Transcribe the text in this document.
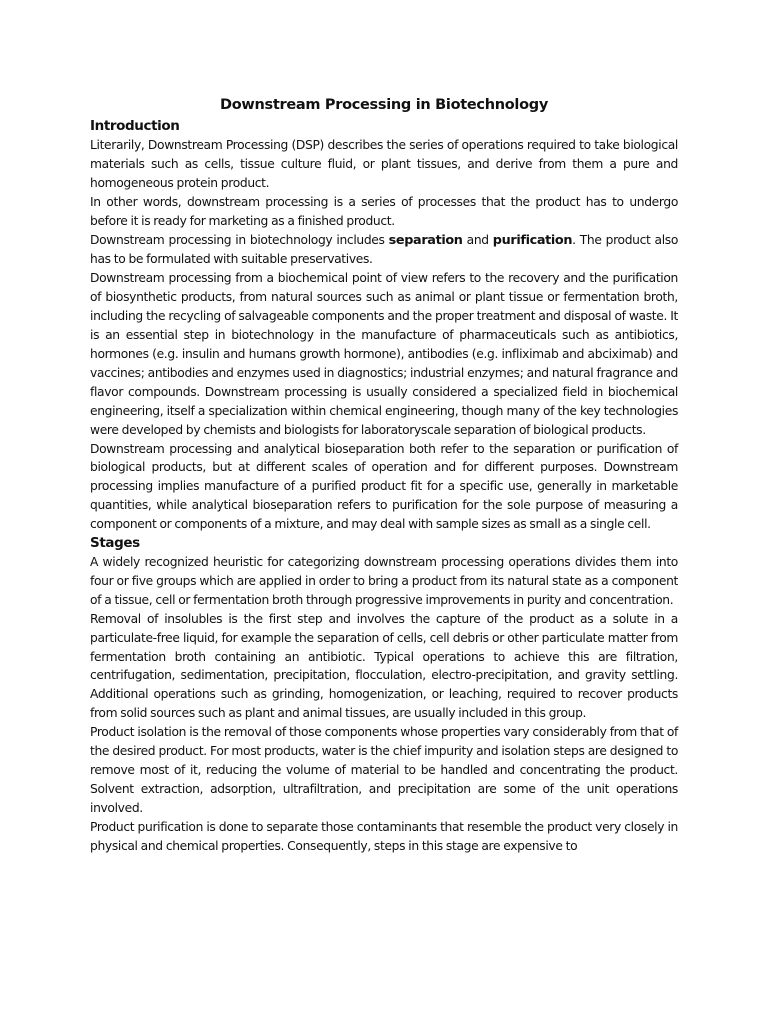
Downstream Processing in Biotechnology
Introduction

Literarily, Downstream Processing (DSP) describes the series of operations required to take biological materials such as cells, tissue culture fluid, or plant tissues, and derive from them a pure and homogeneous protein product.

In other words, downstream processing is a series of processes that the product has to undergo before it is ready for marketing as a finished product.

Downstream processing in biotechnology includes separation and purification. The product also has to be formulated with suitable preservatives.

Downstream processing from a biochemical point of view refers to the recovery and the purification of biosynthetic products, from natural sources such as animal or plant tissue or fermentation broth, including the recycling of salvageable components and the proper treatment and disposal of waste. It is an essential step in biotechnology in the manufacture of pharmaceuticals such as antibiotics, hormones (e.g. insulin and humans growth hormone), antibodies (e.g. infliximab and abciximab) and vaccines; antibodies and enzymes used in diagnostics; industrial enzymes; and natural fragrance and flavor compounds. Downstream processing is usually considered a specialized field in biochemical engineering, itself a specialization within chemical engineering, though many of the key technologies were developed by chemists and biologists for laboratoryscale separation of biological products.

Downstream processing and analytical bioseparation both refer to the separation or purification of biological products, but at different scales of operation and for different purposes. Downstream processing implies manufacture of a purified product fit for a specific use, generally in marketable quantities, while analytical bioseparation refers to purification for the sole purpose of measuring a component or components of a mixture, and may deal with sample sizes as small as a single cell.

Stages

A widely recognized heuristic for categorizing downstream processing operations divides them into four or five groups which are applied in order to bring a product from its natural state as a component of a tissue, cell or fermentation broth through progressive improvements in purity and concentration.

Removal of insolubles is the first step and involves the capture of the product as a solute in a particulate-free liquid, for example the separation of cells, cell debris or other particulate matter from fermentation broth containing an antibiotic. Typical operations to achieve this are filtration, centrifugation, sedimentation, precipitation, flocculation, electro-precipitation, and gravity settling. Additional operations such as grinding, homogenization, or leaching, required to recover products from solid sources such as plant and animal tissues, are usually included in this group.

Product isolation is the removal of those components whose properties vary considerably from that of the desired product. For most products, water is the chief impurity and isolation steps are designed to remove most of it, reducing the volume of material to be handled and concentrating the product. Solvent extraction, adsorption, ultrafiltration, and precipitation are some of the unit operations involved.

Product purification is done to separate those contaminants that resemble the product very closely in physical and chemical properties. Consequently, steps in this stage are expensive to
